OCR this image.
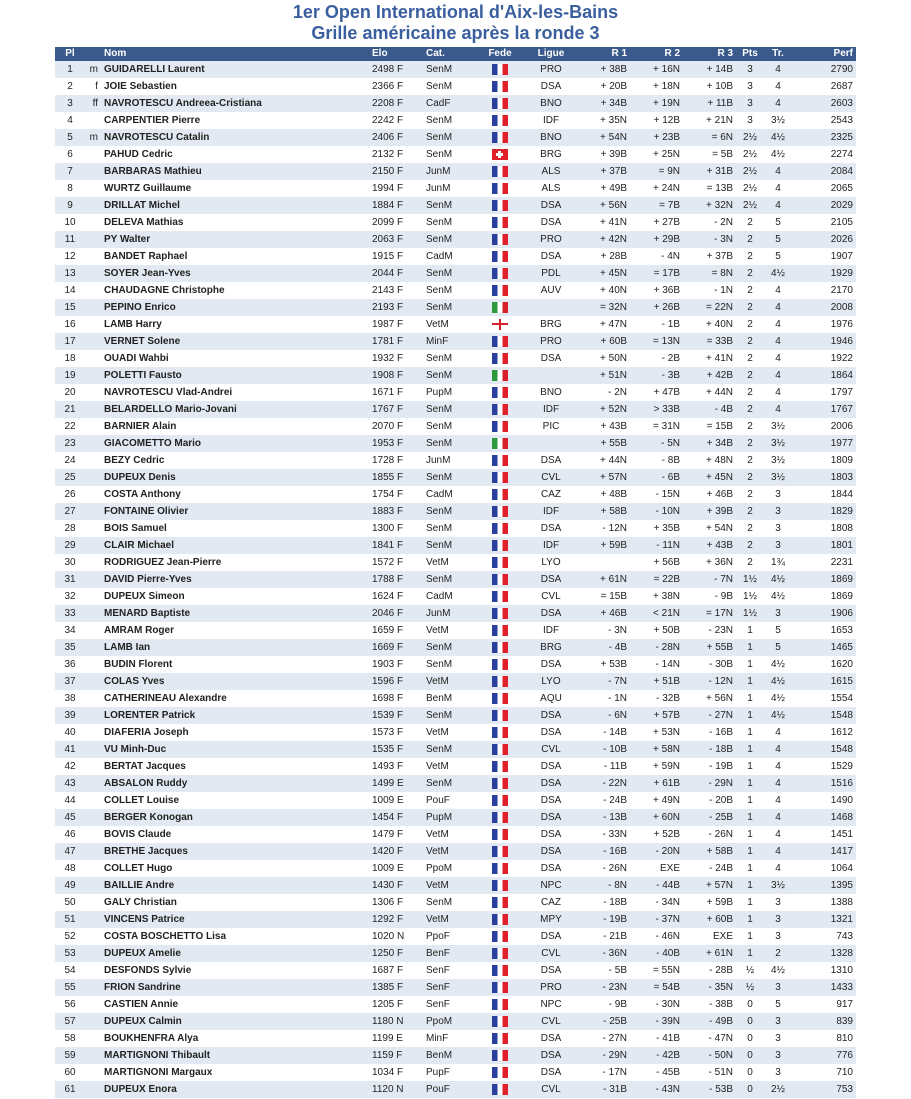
1er Open International d'Aix-les-Bains
Grille américaine après la ronde 3
Pl		Nom	Elo	Cat.	Fede	Ligue	R 1	R 2	R 3	Pts	Tr.	Perf
1	m	GUIDARELLI Laurent	2498 F	SenM		PRO	+ 38B	+ 16N	+ 14B	3	4	2790
2	f	JOIE Sebastien	2366 F	SenM		DSA	+ 20B	+ 18N	+ 10B	3	4	2687
3	ff	NAVROTESCU Andreea-Cristiana	2208 F	CadF		BNO	+ 34B	+ 19N	+ 11B	3	4	2603
4		CARPENTIER Pierre	2242 F	SenM		IDF	+ 35N	+ 12B	+ 21N	3	3½	2543
5	m	NAVROTESCU Catalin	2406 F	SenM		BNO	+ 54N	+ 23B	= 6N	2½	4½	2325
6		PAHUD Cedric	2132 F	SenM		BRG	+ 39B	+ 25N	= 5B	2½	4½	2274
7		BARBARAS Mathieu	2150 F	JunM		ALS	+ 37B	= 9N	+ 31B	2½	4	2084
8		WURTZ Guillaume	1994 F	JunM		ALS	+ 49B	+ 24N	= 13B	2½	4	2065
9		DRILLAT Michel	1884 F	SenM		DSA	+ 56N	= 7B	+ 32N	2½	4	2029
10		DELEVA Mathias	2099 F	SenM		DSA	+ 41N	+ 27B	- 2N	2	5	2105
11		PY Walter	2063 F	SenM		PRO	+ 42N	+ 29B	- 3N	2	5	2026
12		BANDET Raphael	1915 F	CadM		DSA	+ 28B	- 4N	+ 37B	2	5	1907
13		SOYER Jean-Yves	2044 F	SenM		PDL	+ 45N	= 17B	= 8N	2	4½	1929
14		CHAUDAGNE Christophe	2143 F	SenM		AUV	+ 40N	+ 36B	- 1N	2	4	2170
15		PEPINO Enrico	2193 F	SenM			= 32N	+ 26B	= 22N	2	4	2008
16		LAMB Harry	1987 F	VetM		BRG	+ 47N	- 1B	+ 40N	2	4	1976
17		VERNET Solene	1781 F	MinF		PRO	+ 60B	= 13N	= 33B	2	4	1946
18		OUADI Wahbi	1932 F	SenM		DSA	+ 50N	- 2B	+ 41N	2	4	1922
19		POLETTI Fausto	1908 F	SenM			+ 51N	- 3B	+ 42B	2	4	1864
20		NAVROTESCU Vlad-Andrei	1671 F	PupM		BNO	- 2N	+ 47B	+ 44N	2	4	1797
21		BELARDELLO Mario-Jovani	1767 F	SenM		IDF	+ 52N	> 33B	- 4B	2	4	1767
22		BARNIER Alain	2070 F	SenM		PIC	+ 43B	= 31N	= 15B	2	3½	2006
23		GIACOMETTO Mario	1953 F	SenM			+ 55B	- 5N	+ 34B	2	3½	1977
24		BEZY Cedric	1728 F	JunM		DSA	+ 44N	- 8B	+ 48N	2	3½	1809
25		DUPEUX Denis	1855 F	SenM		CVL	+ 57N	- 6B	+ 45N	2	3½	1803
26		COSTA Anthony	1754 F	CadM		CAZ	+ 48B	- 15N	+ 46B	2	3	1844
27		FONTAINE Olivier	1883 F	SenM		IDF	+ 58B	- 10N	+ 39B	2	3	1829
28		BOIS Samuel	1300 F	SenM		DSA	- 12N	+ 35B	+ 54N	2	3	1808
29		CLAIR Michael	1841 F	SenM		IDF	+ 59B	- 11N	+ 43B	2	3	1801
30		RODRIGUEZ Jean-Pierre	1572 F	VetM		LYO		+ 56B	+ 36N	2	1¾	2231
31		DAVID Pierre-Yves	1788 F	SenM		DSA	+ 61N	= 22B	- 7N	1½	4½	1869
32		DUPEUX Simeon	1624 F	CadM		CVL	= 15B	+ 38N	- 9B	1½	4½	1869
33		MENARD Baptiste	2046 F	JunM		DSA	+ 46B	< 21N	= 17N	1½	3	1906
34		AMRAM Roger	1659 F	VetM		IDF	- 3N	+ 50B	- 23N	1	5	1653
35		LAMB Ian	1669 F	SenM		BRG	- 4B	- 28N	+ 55B	1	5	1465
36		BUDIN Florent	1903 F	SenM		DSA	+ 53B	- 14N	- 30B	1	4½	1620
37		COLAS Yves	1596 F	VetM		LYO	- 7N	+ 51B	- 12N	1	4½	1615
38		CATHERINEAU Alexandre	1698 F	BenM		AQU	- 1N	- 32B	+ 56N	1	4½	1554
39		LORENTER Patrick	1539 F	SenM		DSA	- 6N	+ 57B	- 27N	1	4½	1548
40		DIAFERIA Joseph	1573 F	VetM		DSA	- 14B	+ 53N	- 16B	1	4	1612
41		VU Minh-Duc	1535 F	SenM		CVL	- 10B	+ 58N	- 18B	1	4	1548
42		BERTAT Jacques	1493 F	VetM		DSA	- 11B	+ 59N	- 19B	1	4	1529
43		ABSALON Ruddy	1499 E	SenM		DSA	- 22N	+ 61B	- 29N	1	4	1516
44		COLLET Louise	1009 E	PouF		DSA	- 24B	+ 49N	- 20B	1	4	1490
45		BERGER Konogan	1454 F	PupM		DSA	- 13B	+ 60N	- 25B	1	4	1468
46		BOVIS Claude	1479 F	VetM		DSA	- 33N	+ 52B	- 26N	1	4	1451
47		BRETHE Jacques	1420 F	VetM		DSA	- 16B	- 20N	+ 58B	1	4	1417
48		COLLET Hugo	1009 E	PpoM		DSA	- 26N	EXE	- 24B	1	4	1064
49		BAILLIE Andre	1430 F	VetM		NPC	- 8N	- 44B	+ 57N	1	3½	1395
50		GALY Christian	1306 F	SenM		CAZ	- 18B	- 34N	+ 59B	1	3	1388
51		VINCENS Patrice	1292 F	VetM		MPY	- 19B	- 37N	+ 60B	1	3	1321
52		COSTA BOSCHETTO Lisa	1020 N	PpoF		DSA	- 21B	- 46N	EXE	1	3	743
53		DUPEUX Amelie	1250 F	BenF		CVL	- 36N	- 40B	+ 61N	1	2	1328
54		DESFONDS Sylvie	1687 F	SenF		DSA	- 5B	= 55N	- 28B	½	4½	1310
55		FRION Sandrine	1385 F	SenF		PRO	- 23N	= 54B	- 35N	½	3	1433
56		CASTIEN Annie	1205 F	SenF		NPC	- 9B	- 30N	- 38B	0	5	917
57		DUPEUX Calmin	1180 N	PpoM		CVL	- 25B	- 39N	- 49B	0	3	839
58		BOUKHENFRA Alya	1199 E	MinF		DSA	- 27N	- 41B	- 47N	0	3	810
59		MARTIGNONI Thibault	1159 F	BenM		DSA	- 29N	- 42B	- 50N	0	3	776
60		MARTIGNONI Margaux	1034 F	PupF		DSA	- 17N	- 45B	- 51N	0	3	710
61		DUPEUX Enora	1120 N	PouF		CVL	- 31B	- 43N	- 53B	0	2½	753
